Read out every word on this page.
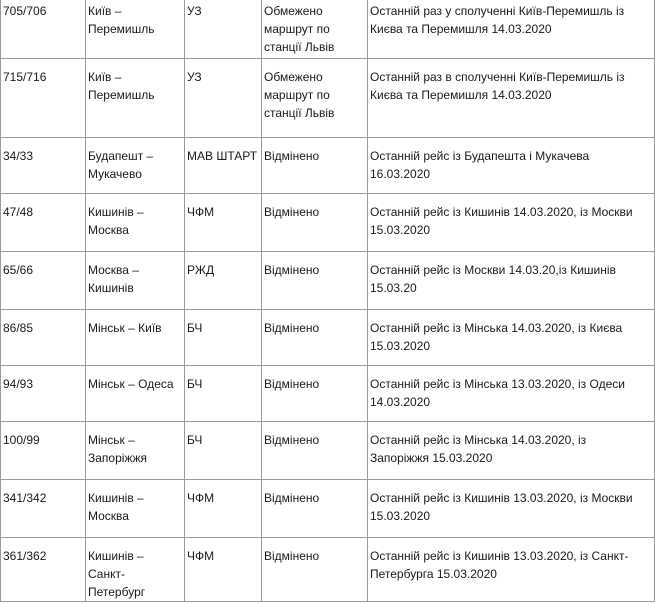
705/706	Київ –
Перемишль	УЗ	Обмежено
маршрут по
станції Львів	Останній раз у сполученні Київ-Перемишль із
Києва та Перемишля 14.03.2020
715/716	Київ –
Перемишль	УЗ	Обмежено
маршрут по
станції Львів	Останній раз в сполученні Київ-Перемишль із
Києва та Перемишля 14.03.2020
34/33	Будапешт –
Мукачево	МАВ ШТАРТ	Відмінено	Останній рейс із Будапешта і Мукачева
16.03.2020
47/48	Кишинів –
Москва	ЧФМ	Відмінено	Останній рейс із Кишинів 14.03.2020, із Москви
15.03.2020
65/66	Москва –
Кишинів	РЖД	Відмінено	Останній рейс із Москви 14.03.20,із Кишинів
15.03.20
86/85	Мінськ – Київ	БЧ	Відмінено	Останній рейс із Мінська 14.03.2020, із Києва
15.03.2020
94/93	Мінськ – Одеса	БЧ	Відмінено	Останній рейс із Мінська 13.03.2020, із Одеси
14.03.2020
100/99	Мінськ –
Запоріжжя	БЧ	Відмінено	Останній рейс із Мінська 14.03.2020, із
Запоріжжя 15.03.2020
341/342	Кишинів –
Москва	ЧФМ	Відмінено	Останній рейс із Кишинів 13.03.2020, із Москви
15.03.2020
361/362	Кишинів – Санкт-
Петербург	ЧФМ	Відмінено	Останній рейс із Кишинів 13.03.2020, із Санкт-
Петербурга 15.03.2020
